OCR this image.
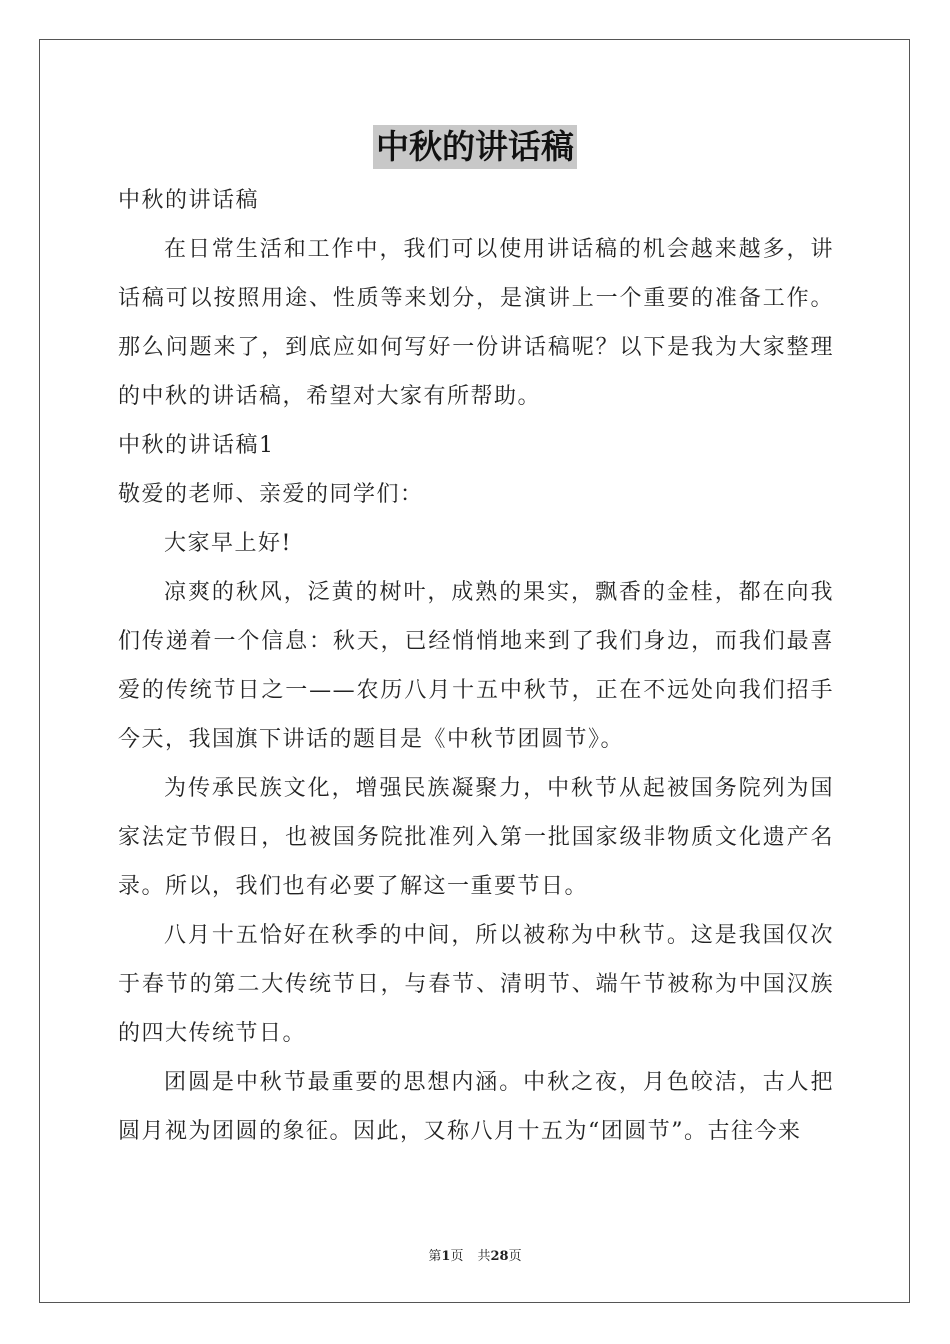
中秋的讲话稿

中秋的讲话稿

在日常生活和工作中，我们可以使用讲话稿的机会越来越多，讲话稿可以按照用途、性质等来划分，是演讲上一个重要的准备工作。那么问题来了，到底应如何写好一份讲话稿呢？以下是我为大家整理的中秋的讲话稿，希望对大家有所帮助。

中秋的讲话稿1

敬爱的老师、亲爱的同学们：

大家早上好!

凉爽的秋风，泛黄的树叶，成熟的果实，飘香的金桂，都在向我们传递着一个信息：秋天，已经悄悄地来到了我们身边，而我们最喜爱的传统节日之一——农历八月十五中秋节，正在不远处向我们招手今天，我国旗下讲话的题目是《中秋节团圆节》。

为传承民族文化，增强民族凝聚力，中秋节从起被国务院列为国家法定节假日，也被国务院批准列入第一批国家级非物质文化遗产名录。所以，我们也有必要了解这一重要节日。

八月十五恰好在秋季的中间，所以被称为中秋节。这是我国仅次于春节的第二大传统节日，与春节、清明节、端午节被称为中国汉族的四大传统节日。

团圆是中秋节最重要的思想内涵。中秋之夜，月色皎洁，古人把圆月视为团圆的象征。因此，又称八月十五为“团圆节”。古往今来

第1页 共28页
